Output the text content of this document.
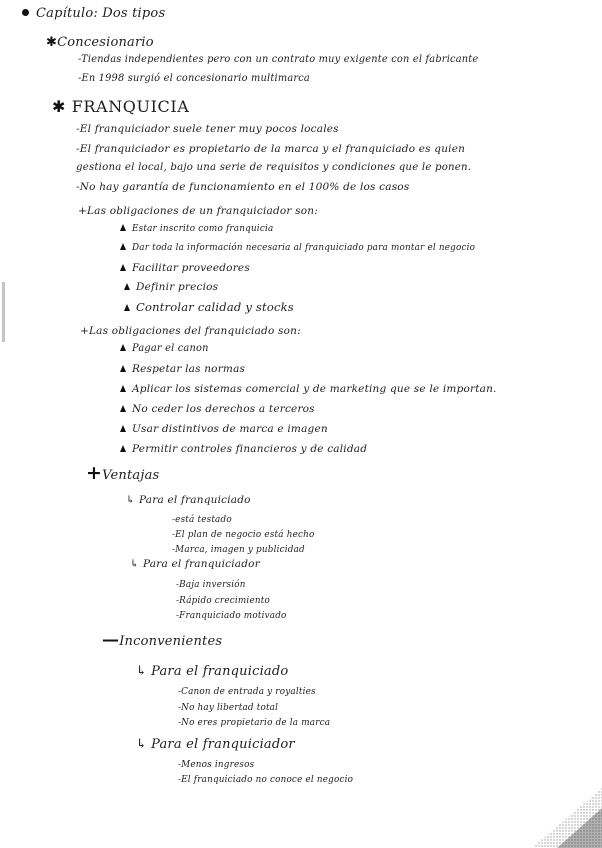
Capítulo: Dos tipos
✱Concesionario
-Tiendas independientes pero con un contrato muy exigente con el fabricante
-En 1998 surgió el concesionario multimarca
✱ FRANQUICIA
-El franquiciador suele tener muy pocos locales
-El franquiciador es propietario de la marca y el franquiciado es quien
gestiona el local, bajo una serie de requisitos y condiciones que le ponen.
-No hay garantía de funcionamiento en el 100% de los casos
+Las obligaciones de un franquiciador son:
Estar inscrito como franquicia
Dar toda la información necesaria al franquiciado para montar el negocio
Facilitar proveedores
Definir precios
Controlar calidad y stocks
+Las obligaciones del franquiciado son:
Pagar el canon
Respetar las normas
Aplicar los sistemas comercial y de marketing que se le importan.
No ceder los derechos a terceros
Usar distintivos de marca e imagen
Permitir controles financieros y de calidad
+Ventajas
↳ Para el franquiciado
-está testado
-El plan de negocio está hecho
-Marca, imagen y publicidad
↳ Para el franquiciador
-Baja inversión
-Rápido crecimiento
-Franquiciado motivado
—Inconvenientes
↳ Para el franquiciado
-Canon de entrada y royalties
-No hay libertad total
-No eres propietario de la marca
↳ Para el franquiciador
-Menos ingresos
-El franquiciado no conoce el negocio
